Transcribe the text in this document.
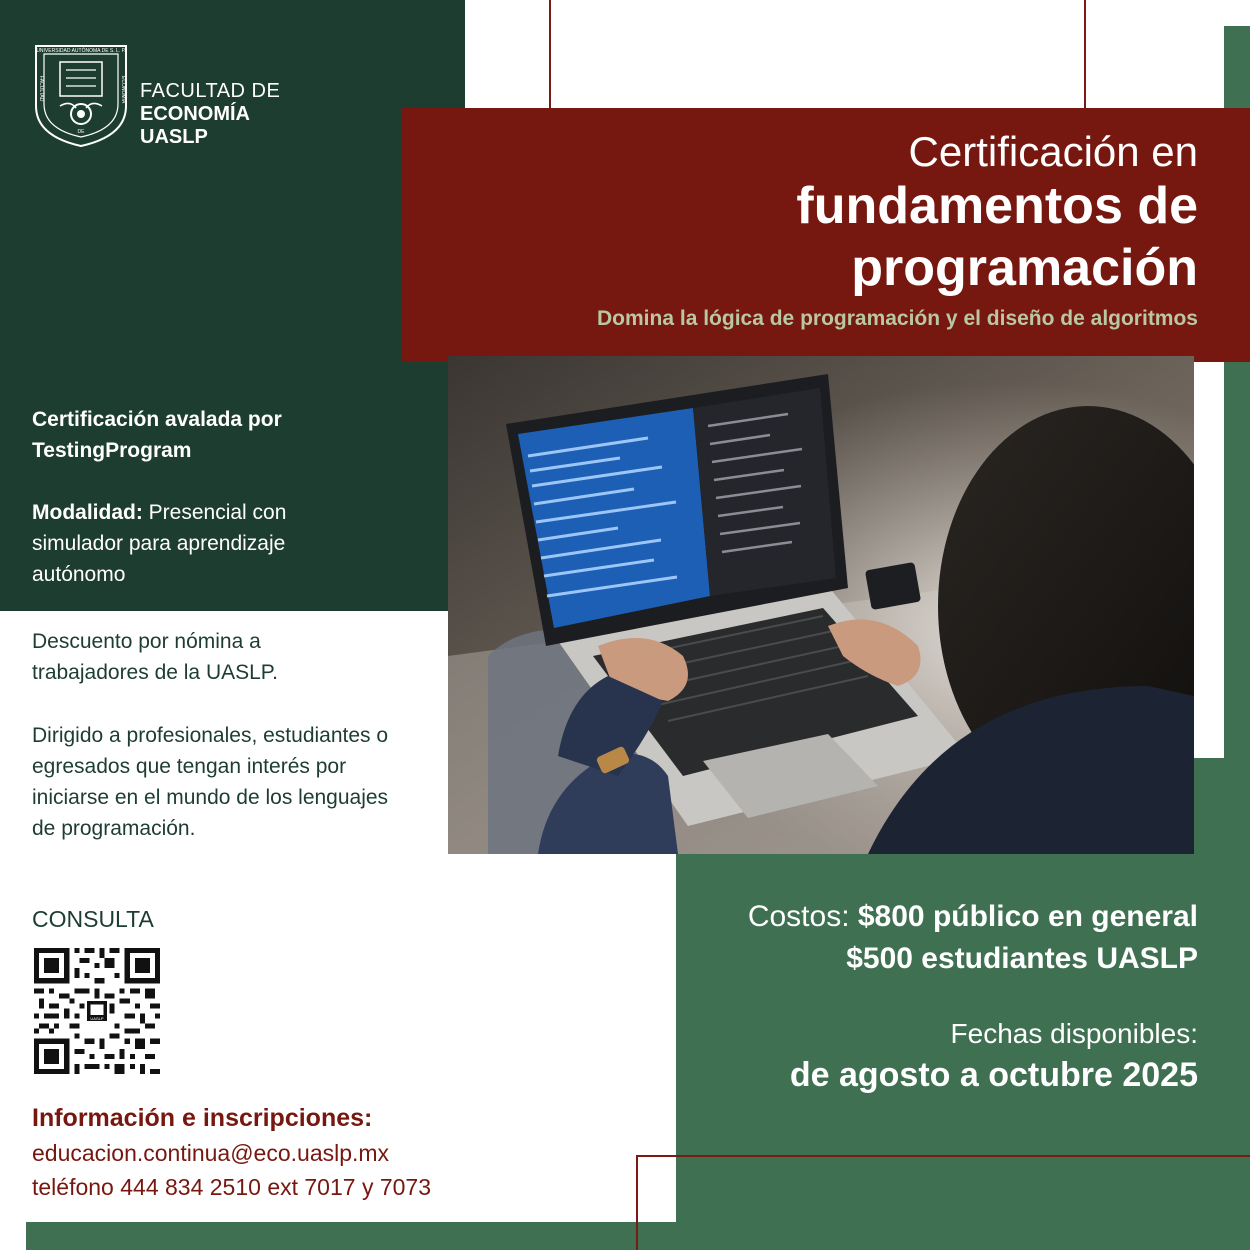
UNIVERSIDAD AUTÓNOMA DE S. L. P.
DE
FACULTAD	ECONOMÍA FACULTAD DE
ECONOMÍA
UASLP	Certificación en
fundamentos de
programación
Domina la lógica de programación y el diseño de algoritmos
Certificación avalada por
TestingProgram
Modalidad: Presencial con simulador para aprendizaje autónomo
Descuento por nómina a trabajadores de la UASLP.
Dirigido a profesionales, estudiantes o egresados que tengan interés por iniciarse en el mundo de los lenguajes de programación.
CONSULTA
Información e inscripciones:
educacion.continua@eco.uaslp.mx
teléfono 444 834 2510 ext 7017 y 7073
Costos: $800 público en general
$500 estudiantes UASLP
Fechas disponibles:
de agosto a octubre 2025
